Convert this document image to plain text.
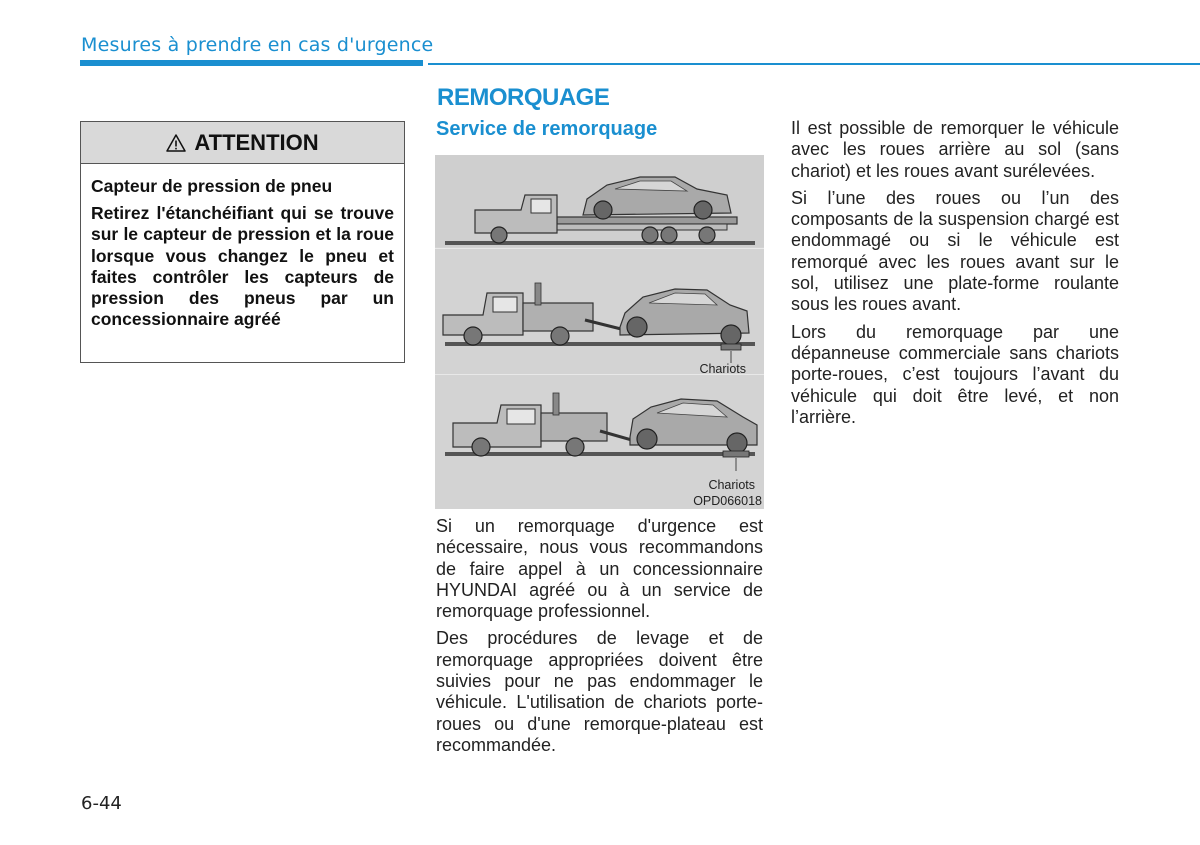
Mesures à prendre en cas d'urgence
ATTENTION

Capteur de pression de pneu

Retirez l'étanchéifiant qui se trouve sur le capteur de pression et la roue lorsque vous changez le pneu et faites contrôler les capteurs de pression des pneus par un concessionnaire agréé

REMORQUAGE
Service de remorquage
Chariots
Chariots
OPD066018

Si un remorquage d'urgence est nécessaire, nous vous recommandons de faire appel à un concessionnaire HYUNDAI agréé ou à un service de remorquage professionnel.

Des procédures de levage et de remorquage appropriées doivent être suivies pour ne pas endommager le véhicule. L'utilisation de chariots porte-roues ou d'une remorque-plateau est recommandée.

Il est possible de remorquer le véhicule avec les roues arrière au sol (sans chariot) et les roues avant surélevées.

Si l’une des roues ou l’un des composants de la suspension chargé est endommagé ou si le véhicule est remorqué avec les roues avant sur le sol, utilisez une plate-forme roulante sous les roues avant.

Lors du remorquage par une dépanneuse commerciale sans chariots porte-roues, c’est toujours l’avant du véhicule qui doit être levé, et non l’arrière.

6-44
